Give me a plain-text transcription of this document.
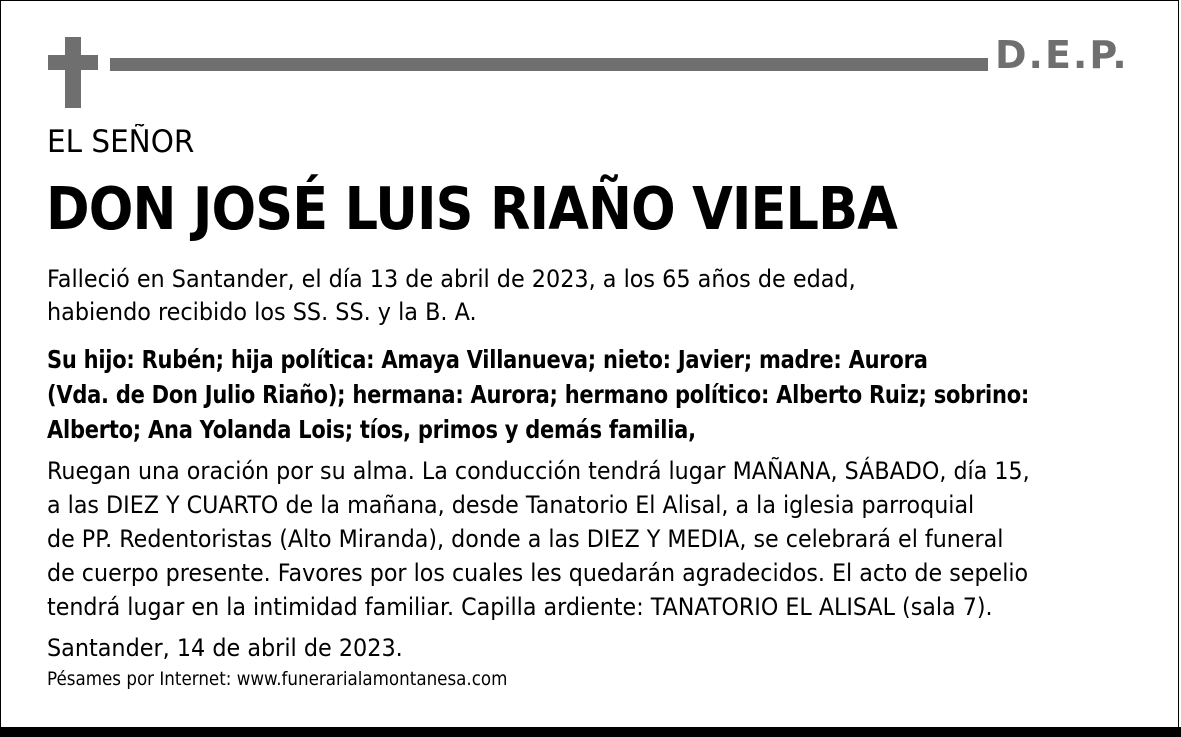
D.E.P.
EL SEÑOR
DON JOSÉ LUIS RIAÑO VIELBA

Falleció en Santander, el día 13 de abril de 2023, a los 65 años de edad,
habiendo recibido los SS. SS. y la B. A.

Su hijo: Rubén; hija política: Amaya Villanueva; nieto: Javier; madre: Aurora
(Vda. de Don Julio Riaño); hermana: Aurora; hermano político: Alberto Ruiz; sobrino:
Alberto; Ana Yolanda Lois; tíos, primos y demás familia,

Ruegan una oración por su alma. La conducción tendrá lugar MAÑANA, SÁBADO, día 15,
a las DIEZ Y CUARTO de la mañana, desde Tanatorio El Alisal, a la iglesia parroquial
de PP. Redentoristas (Alto Miranda), donde a las DIEZ Y MEDIA, se celebrará el funeral
de cuerpo presente. Favores por los cuales les quedarán agradecidos. El acto de sepelio
tendrá lugar en la intimidad familiar. Capilla ardiente: TANATORIO EL ALISAL (sala 7).

Santander, 14 de abril de 2023.

Pésames por Internet: www.funerarialamontanesa.com
